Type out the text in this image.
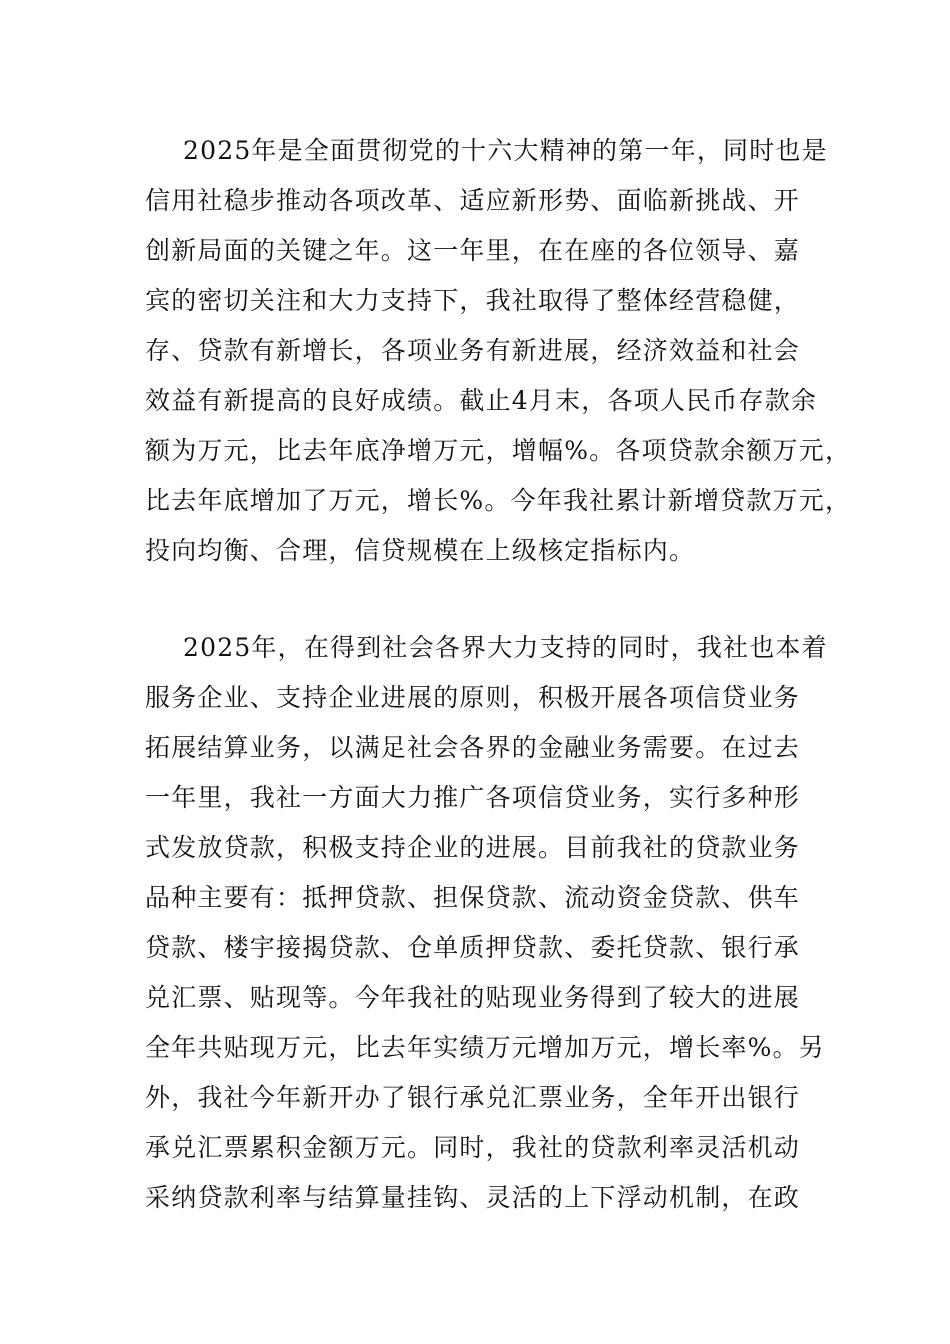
2025年是全面贯彻党的十六大精神的第一年，同时也是

信用社稳步推动各项改革、适应新形势、面临新挑战、开

创新局面的关键之年。这一年里，在在座的各位领导、嘉

宾的密切关注和大力支持下，我社取得了整体经营稳健，

存、贷款有新增长，各项业务有新进展，经济效益和社会

效益有新提高的良好成绩。截止4月末，各项人民币存款余

额为万元，比去年底净增万元，增幅%。各项贷款余额万元，

比去年底增加了万元，增长%。今年我社累计新增贷款万元，

投向均衡、合理，信贷规模在上级核定指标内。

2025年，在得到社会各界大力支持的同时，我社也本着

服务企业、支持企业进展的原则，积极开展各项信贷业务

拓展结算业务，以满足社会各界的金融业务需要。在过去

一年里，我社一方面大力推广各项信贷业务，实行多种形

式发放贷款，积极支持企业的进展。目前我社的贷款业务

品种主要有：抵押贷款、担保贷款、流动资金贷款、供车

贷款、楼宇接揭贷款、仓单质押贷款、委托贷款、银行承

兑汇票、贴现等。今年我社的贴现业务得到了较大的进展

全年共贴现万元，比去年实绩万元增加万元，增长率%。另

外，我社今年新开办了银行承兑汇票业务，全年开出银行

承兑汇票累积金额万元。同时，我社的贷款利率灵活机动

采纳贷款利率与结算量挂钩、灵活的上下浮动机制，在政
